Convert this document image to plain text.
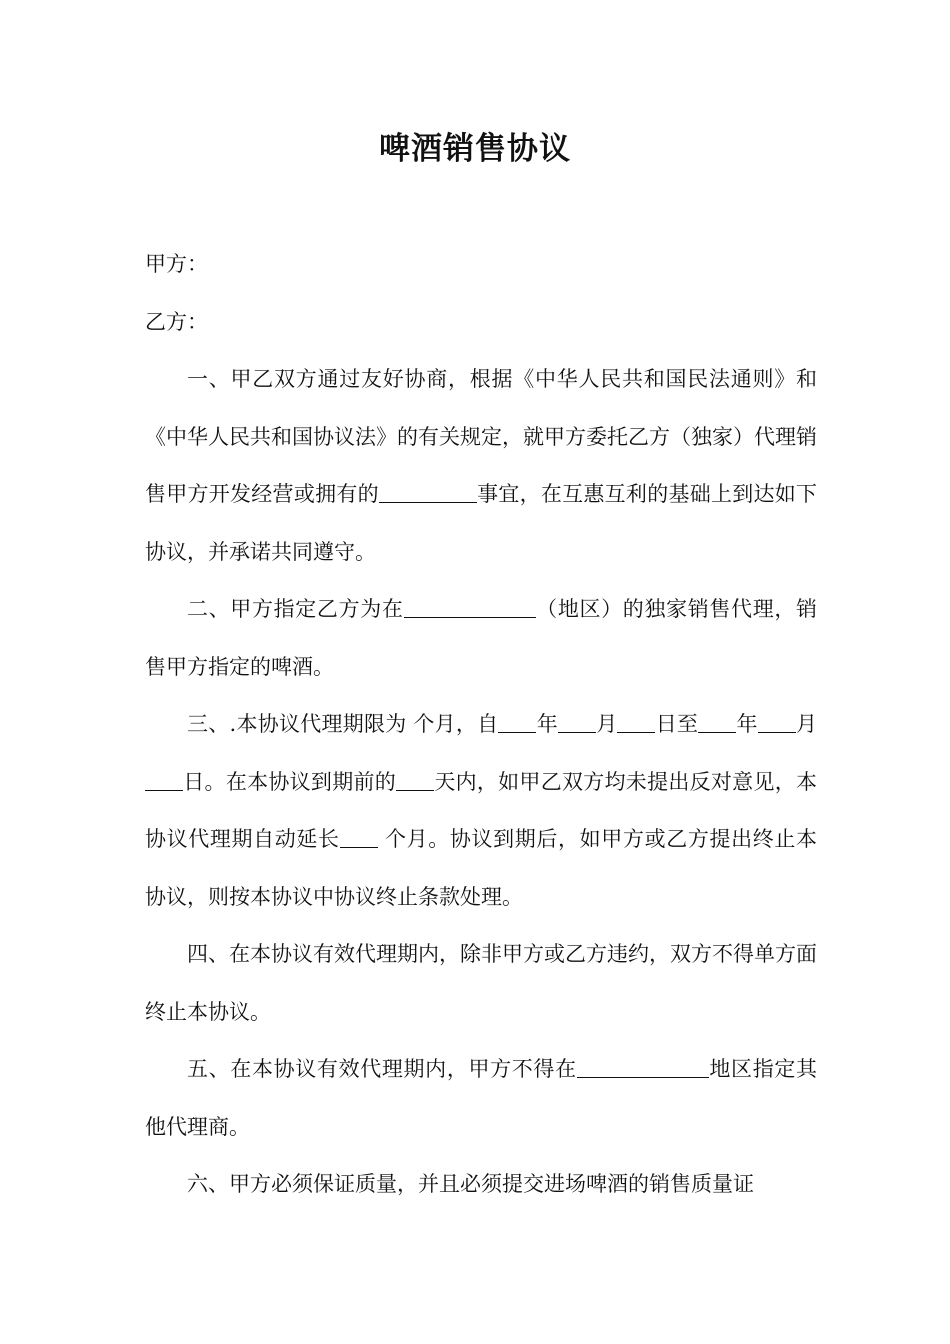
啤酒销售协议

甲方：

乙方：

一、甲乙双方通过友好协商，根据《中华人民共和国民法通则》和《中华人民共和国协议法》的有关规定，就甲方委托乙方（独家）代理销售甲方开发经营或拥有的	事宜，在互惠互利的基础上到达如下协议，并承诺共同遵守。

二、甲方指定乙方为在	（地区）的独家销售代理，销售甲方指定的啤酒。

三、.本协议代理期限为 个月，自 年 月 日至 年 月日。在本协议到期前的 天内，如甲乙双方均未提出反对意见，本协议代理期自动延长 个月。协议到期后，如甲方或乙方提出终止本协议，则按本协议中协议终止条款处理。

四、在本协议有效代理期内，除非甲方或乙方违约，双方不得单方面终止本协议。

五、在本协议有效代理期内，甲方不得在	地区指定其他代理商。

六、甲方必须保证质量，并且必须提交进场啤酒的销售质量证
